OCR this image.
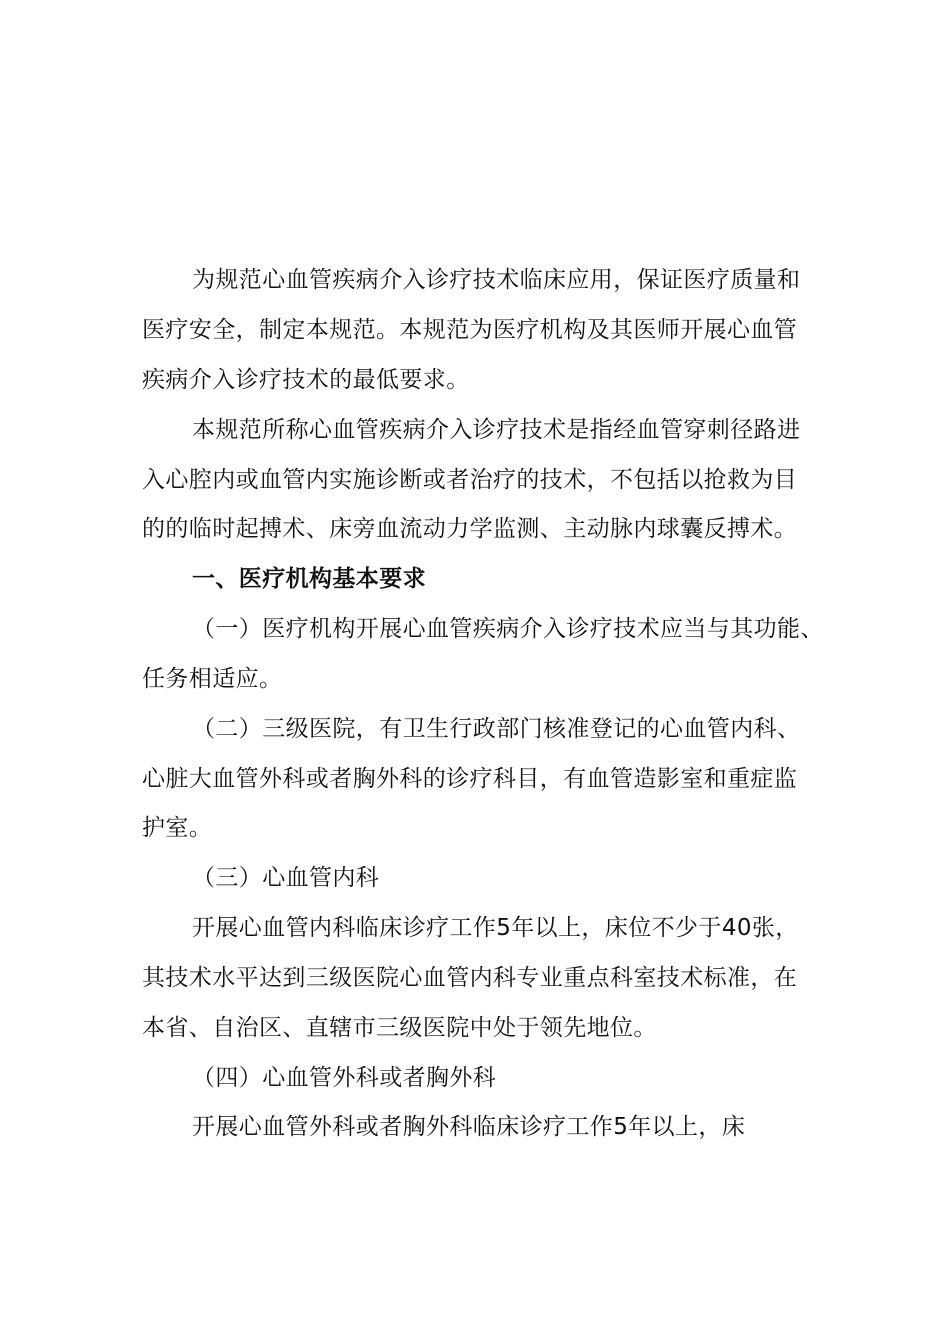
为规范心血管疾病介入诊疗技术临床应用，保证医疗质量和
医疗安全，制定本规范。本规范为医疗机构及其医师开展心血管
疾病介入诊疗技术的最低要求。
本规范所称心血管疾病介入诊疗技术是指经血管穿刺径路进
入心腔内或血管内实施诊断或者治疗的技术，不包括以抢救为目
的的临时起搏术、床旁血流动力学监测、主动脉内球囊反搏术。
一、医疗机构基本要求
（一）医疗机构开展心血管疾病介入诊疗技术应当与其功能、
任务相适应。
（二）三级医院，有卫生行政部门核准登记的心血管内科、
心脏大血管外科或者胸外科的诊疗科目，有血管造影室和重症监
护室。
（三）心血管内科
开展心血管内科临床诊疗工作5年以上，床位不少于40张，
其技术水平达到三级医院心血管内科专业重点科室技术标准，在
本省、自治区、直辖市三级医院中处于领先地位。
（四）心血管外科或者胸外科
开展心血管外科或者胸外科临床诊疗工作5年以上，床
